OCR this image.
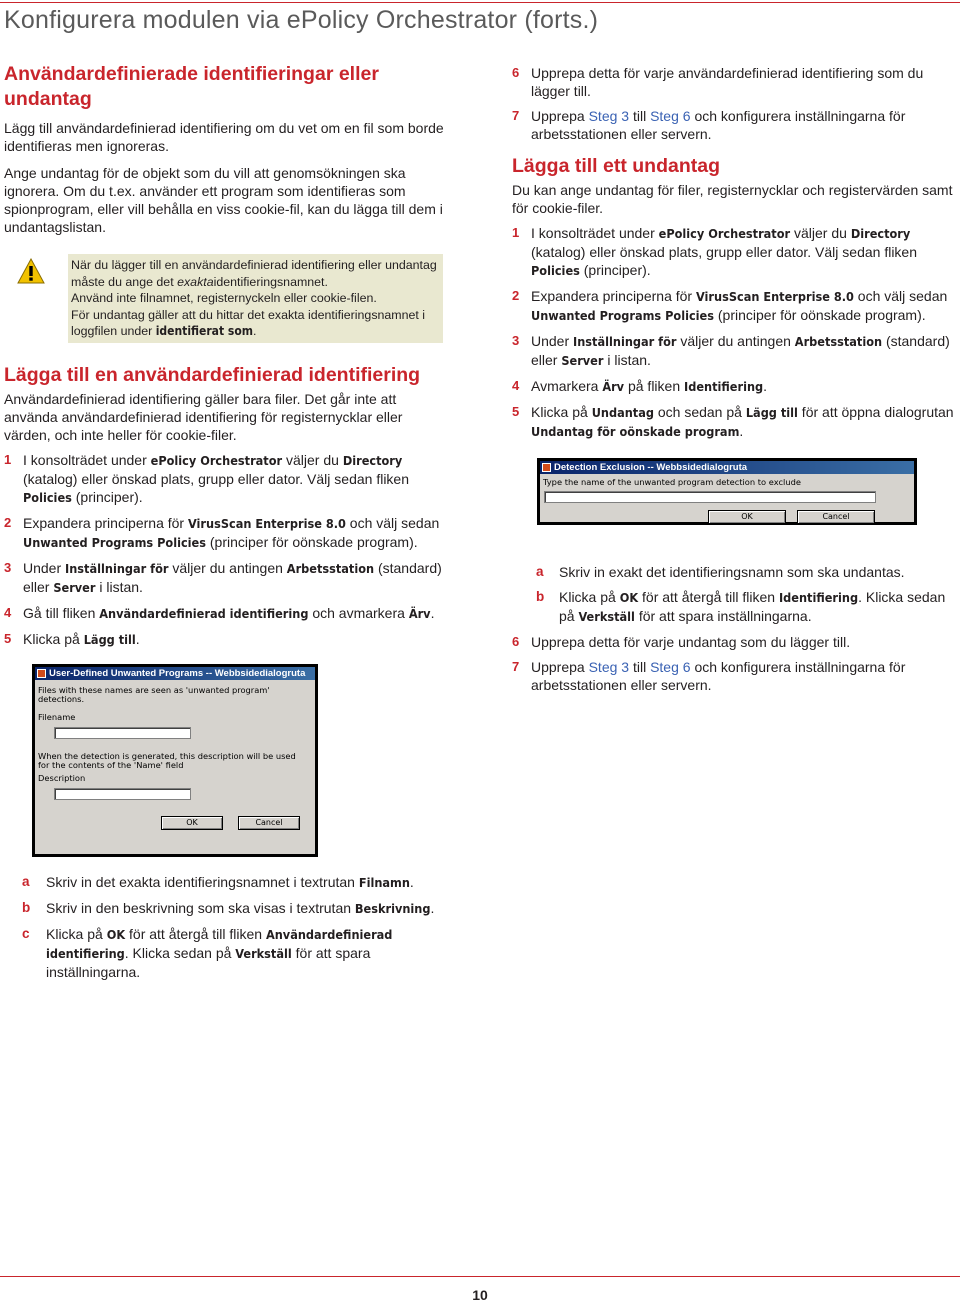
Konfigurera modulen via ePolicy Orchestrator (forts.)
Användardefinierade identifieringar eller undantag

Lägg till användardefinierad identifiering om du vet om en fil som borde identifieras men ignoreras.

Ange undantag för de objekt som du vill att genomsökningen ska ignorera. Om du t.ex. använder ett program som identifieras som spionprogram, eller vill behålla en viss cookie-fil, kan du lägga till dem i undantagslistan.

När du lägger till en användardefinierad identifiering eller undantag måste du ange det exaktaidentifieringsnamnet.
Använd inte filnamnet, registernyckeln eller cookie-filen.
För undantag gäller att du hittar det exakta identifieringsnamnet i loggfilen under identifierat som.
Lägga till en användardefinierad identifiering

Användardefinierad identifiering gäller bara filer. Det går inte att använda användardefinierad identifiering för registernycklar eller värden, och inte heller för cookie-filer.

1 I konsolträdet under ePolicy Orchestrator väljer du Directory (katalog) eller önskad plats, grupp eller dator. Välj sedan fliken Policies (principer).
2 Expandera principerna för VirusScan Enterprise 8.0 och välj sedan Unwanted Programs Policies (principer för oönskade program).
3 Under Inställningar för väljer du antingen Arbetsstation (standard) eller Server i listan.
4 Gå till fliken Användardefinierad identifiering och avmarkera Ärv.
5 Klicka på Lägg till.
User-Defined Unwanted Programs -- Webbsidedialogruta
Files with these names are seen as 'unwanted program' detections.
Filename
When the detection is generated, this description will be used for the contents of the 'Name' field
Description
OK	Cancel
a Skriv in det exakta identifieringsnamnet i textrutan Filnamn.
b Skriv in den beskrivning som ska visas i textrutan Beskrivning.
c Klicka på OK för att återgå till fliken Användardefinierad identifiering. Klicka sedan på Verkställ för att spara inställningarna.
6 Upprepa detta för varje användardefinierad identifiering som du lägger till.
7 Upprepa Steg 3 till Steg 6 och konfigurera inställningarna för arbetsstationen eller servern.
Lägga till ett undantag

Du kan ange undantag för filer, registernycklar och registervärden samt för cookie-filer.

1 I konsolträdet under ePolicy Orchestrator väljer du Directory (katalog) eller önskad plats, grupp eller dator. Välj sedan fliken Policies (principer).
2 Expandera principerna för VirusScan Enterprise 8.0 och välj sedan Unwanted Programs Policies (principer för oönskade program).
3 Under Inställningar för väljer du antingen Arbetsstation (standard) eller Server i listan.
4 Avmarkera Ärv på fliken Identifiering.
5 Klicka på Undantag och sedan på Lägg till för att öppna dialogrutan Undantag för oönskade program.
Detection Exclusion -- Webbsidedialogruta
Type the name of the unwanted program detection to exclude
OK	Cancel
a Skriv in exakt det identifieringsnamn som ska undantas.
b Klicka på OK för att återgå till fliken Identifiering. Klicka sedan på Verkställ för att spara inställningarna.
6 Upprepa detta för varje undantag som du lägger till.
7 Upprepa Steg 3 till Steg 6 och konfigurera inställningarna för arbetsstationen eller servern.
10
